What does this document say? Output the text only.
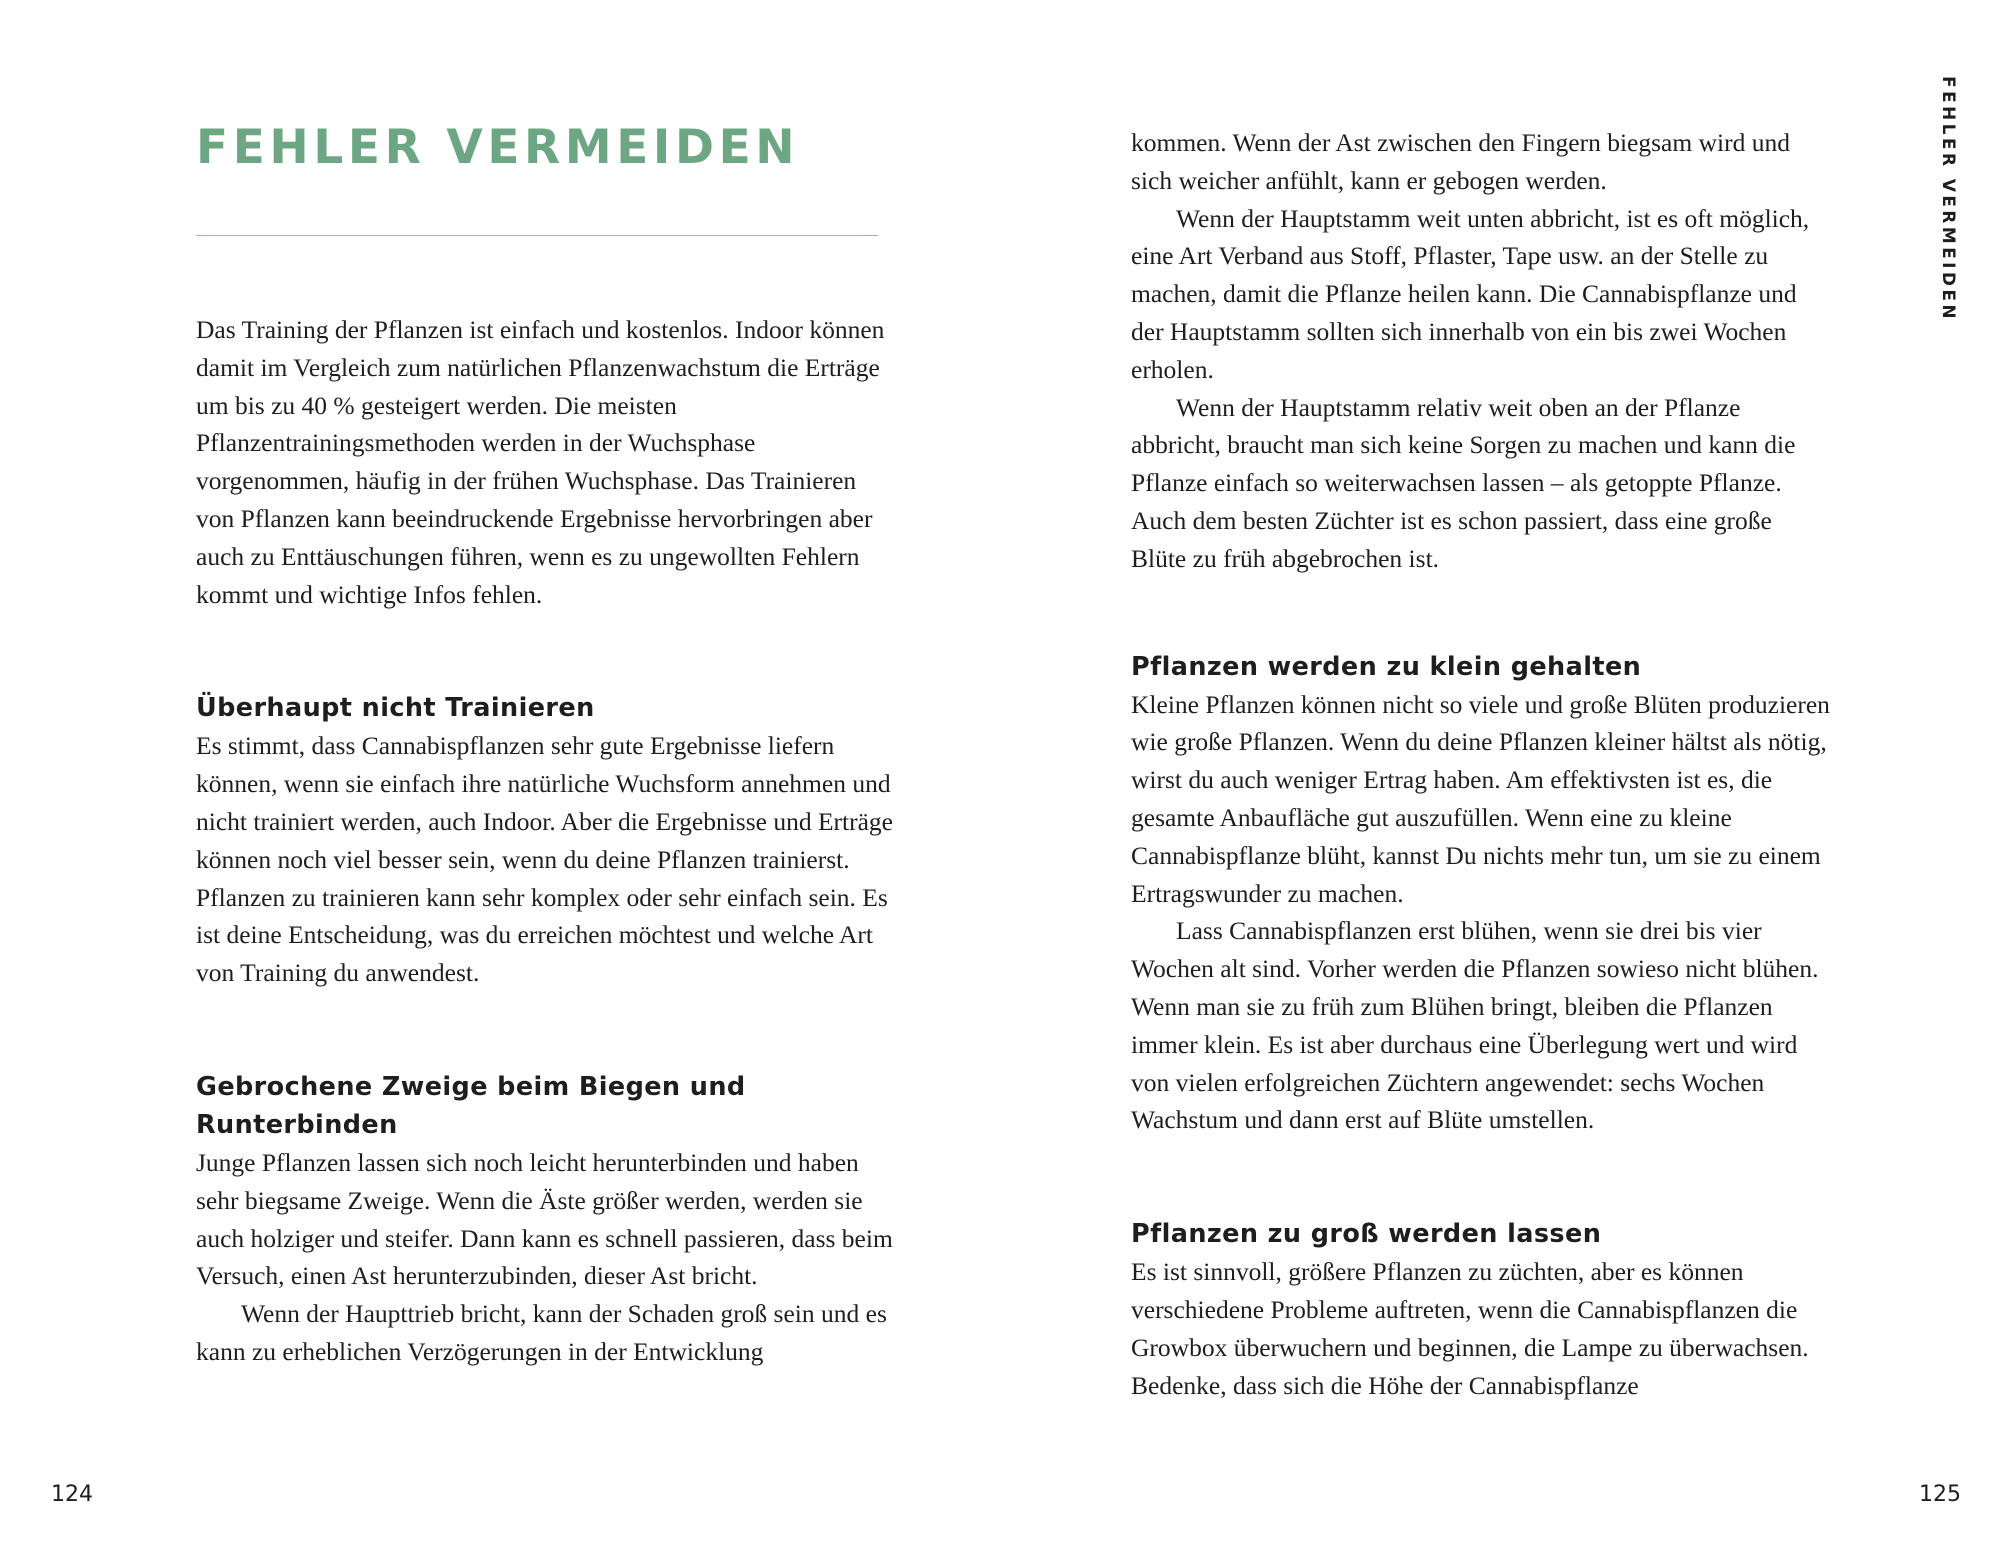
FEHLER VERMEIDEN

Das Training der Pflanzen ist einfach und kostenlos. Indoor können damit im Vergleich zum natürlichen Pflanzenwachstum die Erträge um bis zu 40 % gesteigert werden. Die meisten Pflanzentrainingsmethoden werden in der Wuchsphase vorgenommen, häufig in der frühen Wuchsphase. Das Trainieren von Pflanzen kann beeindruckende Ergebnisse hervorbringen aber auch zu Enttäuschungen führen, wenn es zu ungewollten Fehlern kommt und wichtige Infos fehlen.

Überhaupt nicht Trainieren

Es stimmt, dass Cannabispflanzen sehr gute Ergebnisse liefern können, wenn sie einfach ihre natürliche Wuchsform annehmen und nicht trainiert werden, auch Indoor. Aber die Ergebnisse und Erträge können noch viel besser sein, wenn du deine Pflanzen trainierst. Pflanzen zu trainieren kann sehr komplex oder sehr einfach sein. Es ist deine Entscheidung, was du erreichen möchtest und welche Art von Training du anwendest.

Gebrochene Zweige beim Biegen und Runterbinden

Junge Pflanzen lassen sich noch leicht herunterbinden und haben sehr biegsame Zweige. Wenn die Äste größer werden, werden sie auch holziger und steifer. Dann kann es schnell passieren, dass beim Versuch, einen Ast herunterzubinden, dieser Ast bricht.

Wenn der Haupttrieb bricht, kann der Schaden groß sein und es kann zu erheblichen Verzögerungen in der Entwicklung

124

kommen. Wenn der Ast zwischen den Fingern biegsam wird und sich weicher anfühlt, kann er gebogen werden.

Wenn der Hauptstamm weit unten abbricht, ist es oft möglich, eine Art Verband aus Stoff, Pflaster, Tape usw. an der Stelle zu machen, damit die Pflanze heilen kann. Die Cannabispflanze und der Hauptstamm sollten sich innerhalb von ein bis zwei Wochen erholen.

Wenn der Hauptstamm relativ weit oben an der Pflanze abbricht, braucht man sich keine Sorgen zu machen und kann die Pflanze einfach so weiterwachsen lassen – als getoppte Pflanze. Auch dem besten Züchter ist es schon passiert, dass eine große Blüte zu früh abgebrochen ist.

Pflanzen werden zu klein gehalten

Kleine Pflanzen können nicht so viele und große Blüten produzieren wie große Pflanzen. Wenn du deine Pflanzen kleiner hältst als nötig, wirst du auch weniger Ertrag haben. Am effektivsten ist es, die gesamte Anbaufläche gut auszufüllen. Wenn eine zu kleine Cannabispflanze blüht, kannst Du nichts mehr tun, um sie zu einem Ertragswunder zu machen.

Lass Cannabispflanzen erst blühen, wenn sie drei bis vier Wochen alt sind. Vorher werden die Pflanzen sowieso nicht blühen. Wenn man sie zu früh zum Blühen bringt, bleiben die Pflanzen immer klein. Es ist aber durchaus eine Überlegung wert und wird von vielen erfolgreichen Züchtern angewendet: sechs Wochen Wachstum und dann erst auf Blüte umstellen.

Pflanzen zu groß werden lassen

Es ist sinnvoll, größere Pflanzen zu züchten, aber es können verschiedene Probleme auftreten, wenn die Cannabispflanzen die Growbox überwuchern und beginnen, die Lampe zu überwachsen. Bedenke, dass sich die Höhe der Cannabispflanze

FEHLER VERMEIDEN

125
